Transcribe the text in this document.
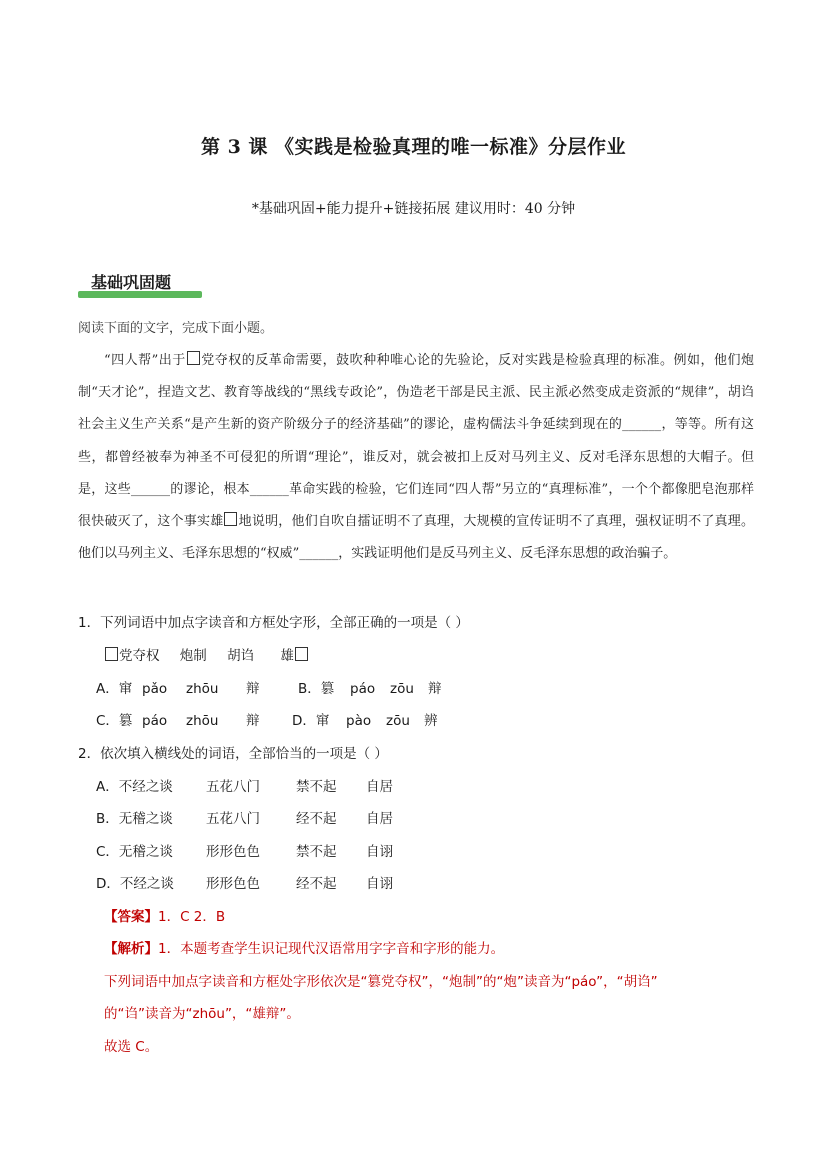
第 3 课 《实践是检验真理的唯一标准》分层作业
*基础巩固+能力提升+链接拓展 建议用时：40 分钟
基础巩固题
阅读下面的文字，完成下面小题。

“四人帮”出于 党夺权的反革命需要，鼓吹种种唯心论的先验论，反对实践是检验真理的标准。例如，他们炮制“天才论”，捏造文艺、教育等战线的“黑线专政论”，伪造老干部是民主派、民主派必然变成走资派的“规律”，胡诌社会主义生产关系“是产生新的资产阶级分子的经济基础”的谬论，虚构儒法斗争延续到现在的______，等等。所有这些，都曾经被奉为神圣不可侵犯的所谓“理论”，谁反对，就会被扣上反对马列主义、反对毛泽东思想的大帽子。但是，这些______的谬论，根本______革命实践的检验，它们连同“四人帮”另立的“真理标准”，一个个都像肥皂泡那样很快破灭了，这个事实雄 地说明，他们自吹自擂证明不了真理，大规模的宣传证明不了真理，强权证明不了真理。他们以马列主义、毛泽东思想的“权威”______，实践证明他们是反马列主义、反毛泽东思想的政治骗子。

1．下列词语中加点字读音和方框处字形，全部正确的一项是（ ）
党夺权 炮制 胡诌 雄
A．窜 pǎo zhōu 辩	B．篡 páo zōu 辩
C．篡 páo zhōu 辩	D．窜 pào zōu 辨
2．依次填入横线处的词语，全部恰当的一项是（ ）
A．不经之谈 五花八门	禁不起 自居
B．无稽之谈 五花八门	经不起 自居
C．无稽之谈 形形色色	禁不起 自诩
D．不经之谈 形形色色	经不起 自诩
【答案】1．C 2．B
【解析】1．本题考查学生识记现代汉语常用字字音和字形的能力。
下列词语中加点字读音和方框处字形依次是“篡党夺权”，“炮制”的“炮”读音为“páo”，“胡诌”
的“诌”读音为“zhōu”，“雄辩”。
故选 C。
